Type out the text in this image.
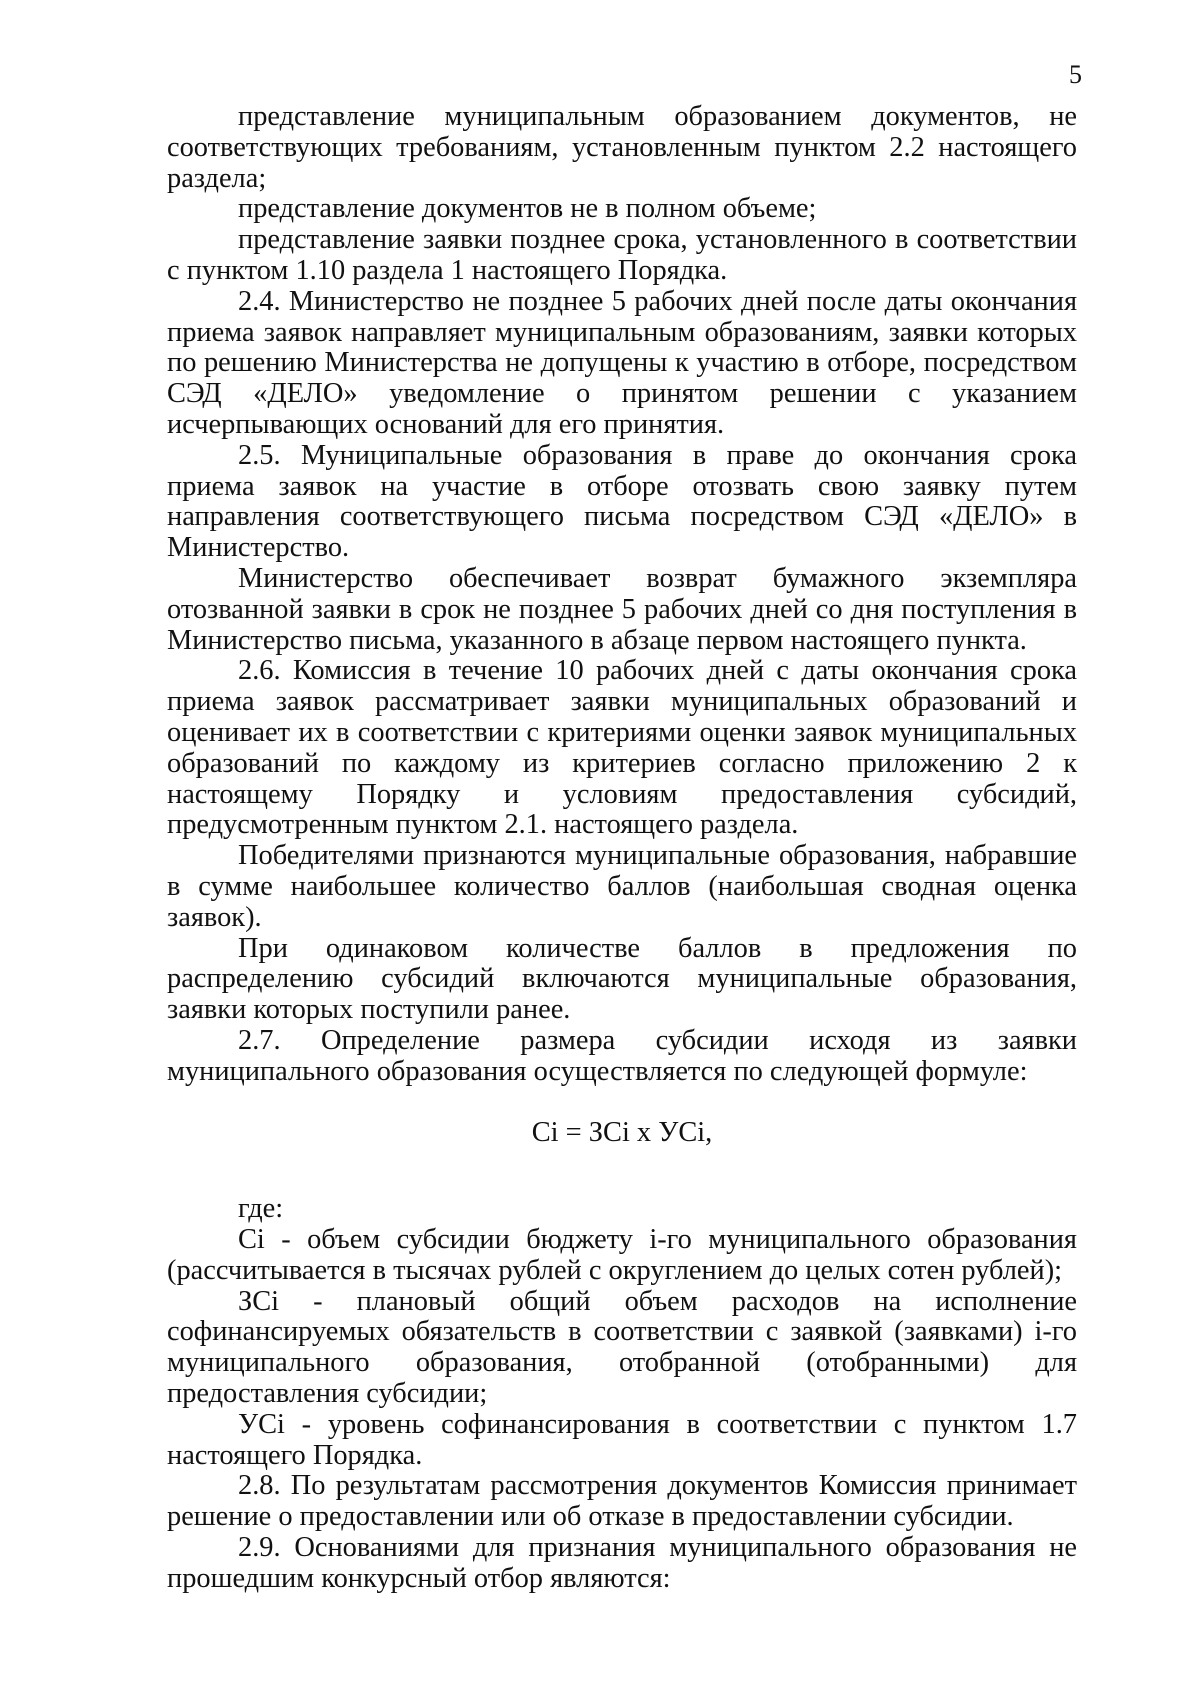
5

представление муниципальным образованием документов, не соответствующих требованиям, установленным пунктом 2.2 настоящего раздела;

представление документов не в полном объеме;

представление заявки позднее срока, установленного в соответствии с пунктом 1.10 раздела 1 настоящего Порядка.

2.4. Министерство не позднее 5 рабочих дней после даты окончания приема заявок направляет муниципальным образованиям, заявки которых по решению Министерства не допущены к участию в отборе, посредством СЭД «ДЕЛО» уведомление о принятом решении с указанием исчерпывающих оснований для его принятия.

2.5. Муниципальные образования в праве до окончания срока приема заявок на участие в отборе отозвать свою заявку путем направления соответствующего письма посредством СЭД «ДЕЛО» в Министерство.

Министерство обеспечивает возврат бумажного экземпляра отозванной заявки в срок не позднее 5 рабочих дней со дня поступления в Министерство письма, указанного в абзаце первом настоящего пункта.

2.6. Комиссия в течение 10 рабочих дней с даты окончания срока приема заявок рассматривает заявки муниципальных образований и оценивает их в соответствии с критериями оценки заявок муниципальных образований по каждому из критериев согласно приложению 2 к настоящему Порядку и условиям предоставления субсидий, предусмотренным пунктом 2.1. настоящего раздела.

Победителями признаются муниципальные образования, набравшие в сумме наибольшее количество баллов (наибольшая сводная оценка заявок).

При одинаковом количестве баллов в предложения по распределению субсидий включаются муниципальные образования, заявки которых поступили ранее.

2.7. Определение размера субсидии исходя из заявки муниципального образования осуществляется по следующей формуле:

Ci = ЗCi x УCi,

где:

Ci - объем субсидии бюджету i-го муниципального образования (рассчитывается в тысячах рублей с округлением до целых сотен рублей);

ЗCi - плановый общий объем расходов на исполнение софинансируемых обязательств в соответствии с заявкой (заявками) i-го муниципального образования, отобранной (отобранными) для предоставления субсидии;

УCi - уровень софинансирования в соответствии с пунктом 1.7 настоящего Порядка.

2.8. По результатам рассмотрения документов Комиссия принимает решение о предоставлении или об отказе в предоставлении субсидии.

2.9. Основаниями для признания муниципального образования не прошедшим конкурсный отбор являются:
